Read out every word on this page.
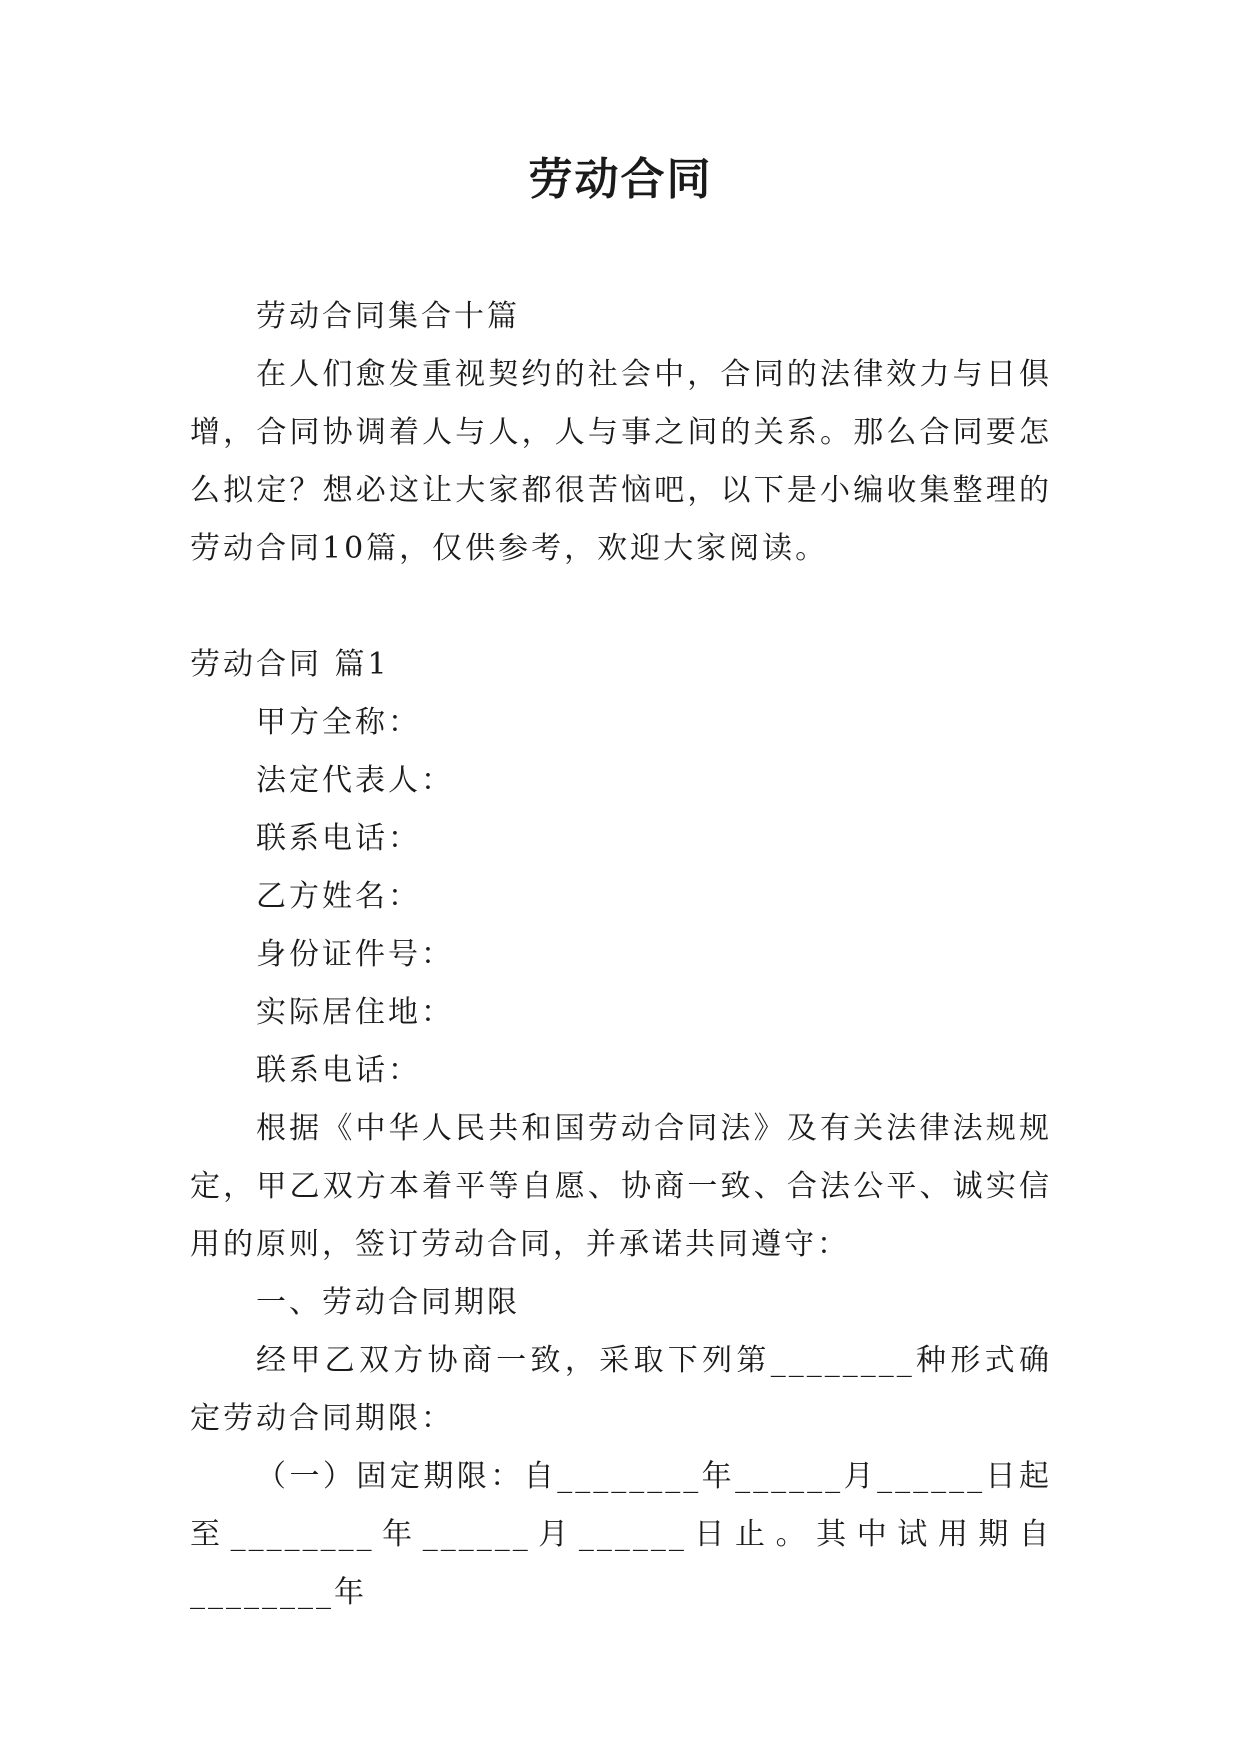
劳动合同

劳动合同集合十篇

在人们愈发重视契约的社会中，合同的法律效力与日俱增，合同协调着人与人，人与事之间的关系。那么合同要怎么拟定？想必这让大家都很苦恼吧，以下是小编收集整理的劳动合同10篇，仅供参考，欢迎大家阅读。

劳动合同 篇1

甲方全称：

法定代表人：

联系电话：

乙方姓名：

身份证件号：

实际居住地：

联系电话：

根据《中华人民共和国劳动合同法》及有关法律法规规定，甲乙双方本着平等自愿、协商一致、合法公平、诚实信用的原则，签订劳动合同，并承诺共同遵守：

一、劳动合同期限

经甲乙双方协商一致，采取下列第________种形式确定劳动合同期限：

（一）固定期限：自________年______月______日起至________年______月______日止。其中试用期自________年
